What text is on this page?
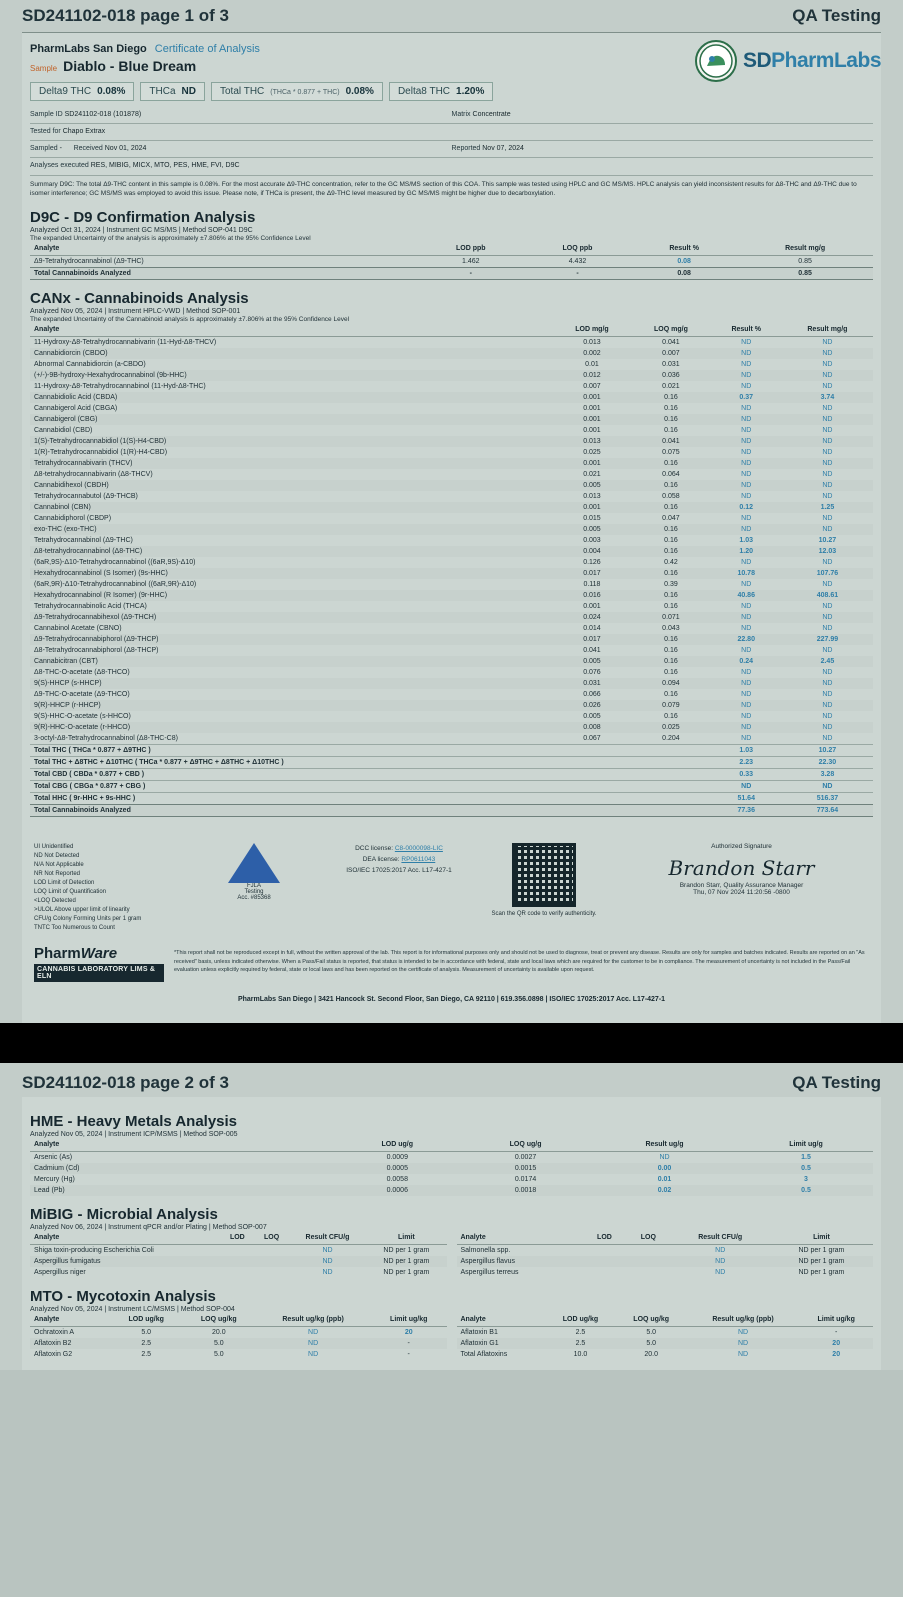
SD241102-018 page 1 of 3	QA Testing
PharmLabs San Diego Certificate of Analysis
Sample Diablo - Blue Dream	SDPharmLabs
Delta9 THC 0.08% THCa ND Total THC (THCa * 0.877 + THC) 0.08% Delta8 THC 1.20%
Sample ID SD241102-018 (101878)	Matrix Concentrate
Tested for Chapo Extrax
Sampled - Received Nov 01, 2024	Reported Nov 07, 2024
Analyses executed RES, MIBIG, MICX, MTO, PES, HME, FVI, D9C
Summary D9C: The total Δ9-THC content in this sample is 0.08%. For the most accurate Δ9-THC concentration, refer to the GC MS/MS section of this COA. This sample was tested using HPLC and GC MS/MS. HPLC analysis can yield inconsistent results for Δ8-THC and Δ9-THC due to isomer interference; GC MS/MS was employed to avoid this issue. Please note, if THCa is present, the Δ9-THC level measured by GC MS/MS might be higher due to decarboxylation.
D9C - D9 Confirmation Analysis
Analyzed Oct 31, 2024 | Instrument GC MS/MS | Method SOP-041 D9C
The expanded Uncertainty of the analysis is approximately ±7.806% at the 95% Confidence Level
Analyte	LOD ppb	LOQ ppb	Result %	Result mg/g
Δ9-Tetrahydrocannabinol (Δ9-THC)	1.462	4.432	0.08	0.85
Total Cannabinoids Analyzed	-	-	0.08	0.85
CANx - Cannabinoids Analysis
Analyzed Nov 05, 2024 | Instrument HPLC-VWD | Method SOP-001
The expanded Uncertainty of the Cannabinoid analysis is approximately ±7.806% at the 95% Confidence Level
Analyte	LOD mg/g	LOQ mg/g	Result %	Result mg/g
11-Hydroxy-Δ8-Tetrahydrocannabivarin (11-Hyd-Δ8-THCV)	0.013	0.041	ND	ND
Cannabidiorcin (CBDO)	0.002	0.007	ND	ND
Abnormal Cannabidiorcin (a-CBDO)	0.01	0.031	ND	ND
(+/-)-9Β-hydroxy-Hexahydrocannabinol (9b-HHC)	0.012	0.036	ND	ND
11-Hydroxy-Δ8-Tetrahydrocannabinol (11-Hyd-Δ8-THC)	0.007	0.021	ND	ND
Cannabidiolic Acid (CBDA)	0.001	0.16	0.37	3.74
Cannabigerol Acid (CBGA)	0.001	0.16	ND	ND
Cannabigerol (CBG)	0.001	0.16	ND	ND
Cannabidiol (CBD)	0.001	0.16	ND	ND
1(S)-Tetrahydrocannabidiol (1(S)-H4-CBD)	0.013	0.041	ND	ND
1(R)-Tetrahydrocannabidiol (1(R)-H4-CBD)	0.025	0.075	ND	ND
Tetrahydrocannabivarin (THCV)	0.001	0.16	ND	ND
Δ8-tetrahydrocannabivarin (Δ8-THCV)	0.021	0.064	ND	ND
Cannabidihexol (CBDH)	0.005	0.16	ND	ND
Tetrahydrocannabutol (Δ9-THCB)	0.013	0.058	ND	ND
Cannabinol (CBN)	0.001	0.16	0.12	1.25
Cannabidiphorol (CBDP)	0.015	0.047	ND	ND
exo-THC (exo-THC)	0.005	0.16	ND	ND
Tetrahydrocannabinol (Δ9-THC)	0.003	0.16	1.03	10.27
Δ8-tetrahydrocannabinol (Δ8-THC)	0.004	0.16	1.20	12.03
(6aR,9S)-Δ10-Tetrahydrocannabinol ((6aR,9S)-Δ10)	0.126	0.42	ND	ND
Hexahydrocannabinol (S Isomer) (9s-HHC)	0.017	0.16	10.78	107.76
(6aR,9R)-Δ10-Tetrahydrocannabinol ((6aR,9R)-Δ10)	0.118	0.39	ND	ND
Hexahydrocannabinol (R Isomer) (9r-HHC)	0.016	0.16	40.86	408.61
Tetrahydrocannabinolic Acid (THCA)	0.001	0.16	ND	ND
Δ9-Tetrahydrocannabihexol (Δ9-THCH)	0.024	0.071	ND	ND
Cannabinol Acetate (CBNO)	0.014	0.043	ND	ND
Δ9-Tetrahydrocannabiphorol (Δ9-THCP)	0.017	0.16	22.80	227.99
Δ8-Tetrahydrocannabiphorol (Δ8-THCP)	0.041	0.16	ND	ND
Cannabicitran (CBT)	0.005	0.16	0.24	2.45
Δ8-THC-O-acetate (Δ8-THCO)	0.076	0.16	ND	ND
9(S)-HHCP (s-HHCP)	0.031	0.094	ND	ND
Δ9-THC-O-acetate (Δ9-THCO)	0.066	0.16	ND	ND
9(R)-HHCP (r-HHCP)	0.026	0.079	ND	ND
9(S)-HHC-O-acetate (s-HHCO)	0.005	0.16	ND	ND
9(R)-HHC-O-acetate (r-HHCO)	0.008	0.025	ND	ND
3-octyl-Δ8-Tetrahydrocannabinol (Δ8-THC-C8)	0.067	0.204	ND	ND
Total THC ( THCa * 0.877 + Δ9THC )			1.03	10.27
Total THC + Δ8THC + Δ10THC ( THCa * 0.877 + Δ9THC + Δ8THC + Δ10THC )			2.23	22.30
Total CBD ( CBDa * 0.877 + CBD )			0.33	3.28
Total CBG ( CBGa * 0.877 + CBG )			ND	ND
Total HHC ( 9r-HHC + 9s-HHC )			51.64	516.37
Total Cannabinoids Analyzed			77.36	773.64
UI Unidentified
ND Not Detected
N/A Not Applicable
NR Not Reported
LOD Limit of Detection
LOQ Limit of Quantification
<LOQ Detected
>ULOL Above upper limit of linearity
CFU/g Colony Forming Units per 1 gram
TNTC Too Numerous to Count
FJLA
Testing
Acc. #85368
DCC license: C8-0000098-LIC
DEA license: RP0611043
ISO/IEC 17025:2017 Acc. L17-427-1
Scan the QR code to verify authenticity.
Authorized Signature
Brandon Starr
Brandon Starr, Quality Assurance Manager
Thu, 07 Nov 2024 11:20:56 -0800
PharmWare
CANNABIS LABORATORY LIMS & ELN
*This report shall not be reproduced except in full, without the written approval of the lab. This report is for informational purposes only and should not be used to diagnose, treat or prevent any disease. Results are only for samples and batches indicated. Results are reported on an "As received" basis, unless indicated otherwise. When a Pass/Fail status is reported, that status is intended to be in accordance with federal, state and local laws which are required for the customer to be in compliance. The measurement of uncertainty is not included in the Pass/Fail evaluation unless explicitly required by federal, state or local laws and has been reported on the certificate of analysis. Measurement of uncertainty is available upon request.
PharmLabs San Diego | 3421 Hancock St. Second Floor, San Diego, CA 92110 | 619.356.0898 | ISO/IEC 17025:2017 Acc. L17-427-1
SD241102-018 page 2 of 3	QA Testing
HME - Heavy Metals Analysis
Analyzed Nov 05, 2024 | Instrument ICP/MSMS | Method SOP-005
Analyte	LOD ug/g	LOQ ug/g	Result ug/g	Limit ug/g
Arsenic (As)	0.0009	0.0027	ND	1.5
Cadmium (Cd)	0.0005	0.0015	0.00	0.5
Mercury (Hg)	0.0058	0.0174	0.01	3
Lead (Pb)	0.0006	0.0018	0.02	0.5
MiBIG - Microbial Analysis
Analyzed Nov 06, 2024 | Instrument qPCR and/or Plating | Method SOP-007
Analyte	LOD	LOQ	Result CFU/g	Limit
Shiga toxin-producing Escherichia Coli			ND	ND per 1 gram
Aspergillus fumigatus			ND	ND per 1 gram
Aspergillus niger			ND	ND per 1 gram
Analyte	LOD	LOQ	Result CFU/g	Limit
Salmonella spp.			ND	ND per 1 gram
Aspergillus flavus			ND	ND per 1 gram
Aspergillus terreus			ND	ND per 1 gram
MTO - Mycotoxin Analysis
Analyzed Nov 05, 2024 | Instrument LC/MSMS | Method SOP-004
Analyte	LOD ug/kg	LOQ ug/kg	Result ug/kg (ppb)	Limit ug/kg
Ochratoxin A	5.0	20.0	ND	20
Aflatoxin B2	2.5	5.0	ND	-
Aflatoxin G2	2.5	5.0	ND	-
Analyte	LOD ug/kg	LOQ ug/kg	Result ug/kg (ppb)	Limit ug/kg
Aflatoxin B1	2.5	5.0	ND	-
Aflatoxin G1	2.5	5.0	ND	20
Total Aflatoxins	10.0	20.0	ND	20
